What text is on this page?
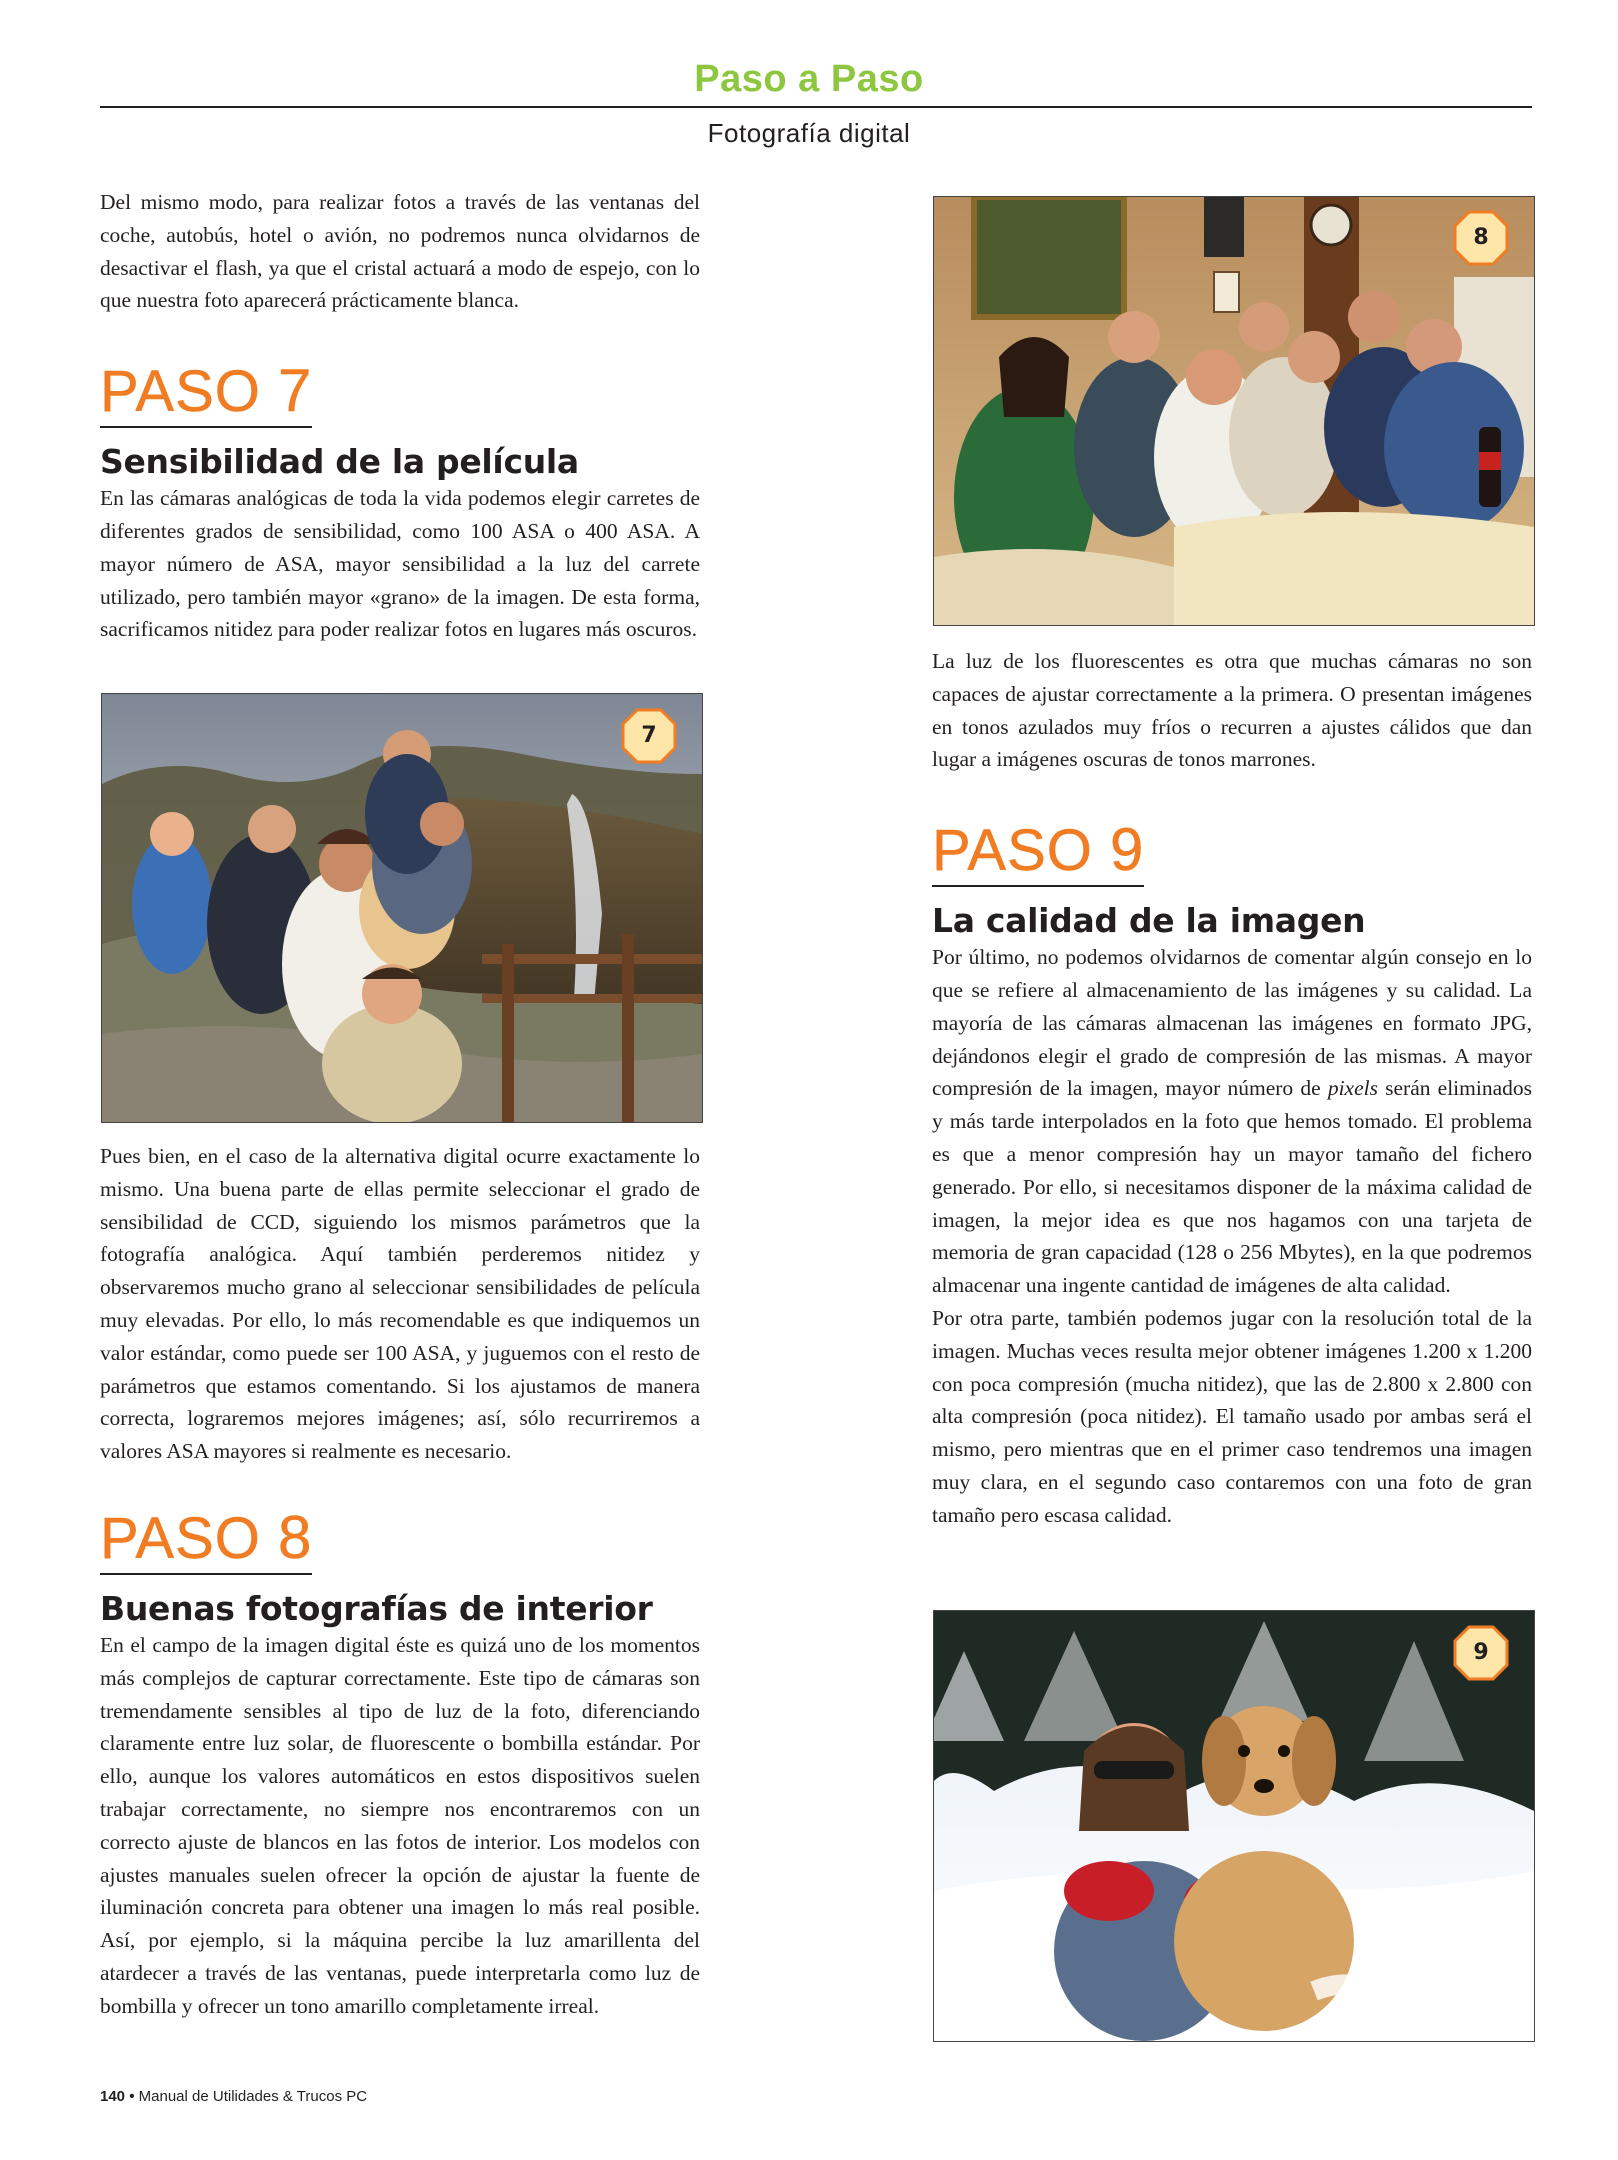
Paso a Paso
Fotografía digital

Del mismo modo, para realizar fotos a través de las ventanas del coche, autobús, hotel o avión, no podremos nunca olvidarnos de desactivar el flash, ya que el cristal actuará a modo de espejo, con lo que nuestra foto aparecerá prácticamente blanca.

PASO 7
Sensibilidad de la película

En las cámaras analógicas de toda la vida podemos elegir carretes de diferentes grados de sensibilidad, como 100 ASA o 400 ASA. A mayor número de ASA, mayor sensibilidad a la luz del carrete utilizado, pero también mayor «grano» de la imagen. De esta forma, sacrificamos nitidez para poder realizar fotos en lugares más oscuros.

7

Pues bien, en el caso de la alternativa digital ocurre exactamente lo mismo. Una buena parte de ellas permite seleccionar el grado de sensibilidad de CCD, siguiendo los mismos parámetros que la fotografía analógica. Aquí también perderemos nitidez y observaremos mucho grano al seleccionar sensibilidades de película muy elevadas. Por ello, lo más recomendable es que indiquemos un valor estándar, como puede ser 100 ASA, y juguemos con el resto de parámetros que estamos comentando. Si los ajustamos de manera correcta, lograremos mejores imágenes; así, sólo recurriremos a valores ASA mayores si realmente es necesario.

PASO 8
Buenas fotografías de interior

En el campo de la imagen digital éste es quizá uno de los momentos más complejos de capturar correctamente. Este tipo de cámaras son tremendamente sensibles al tipo de luz de la foto, diferenciando claramente entre luz solar, de fluorescente o bombilla estándar. Por ello, aunque los valores automáticos en estos dispositivos suelen trabajar correctamente, no siempre nos encontraremos con un correcto ajuste de blancos en las fotos de interior. Los modelos con ajustes manuales suelen ofrecer la opción de ajustar la fuente de iluminación concreta para obtener una imagen lo más real posible. Así, por ejemplo, si la máquina percibe la luz amarillenta del atardecer a través de las ventanas, puede interpretarla como luz de bombilla y ofrecer un tono amarillo completamente irreal.

8

La luz de los fluorescentes es otra que muchas cámaras no son capaces de ajustar correctamente a la primera. O presentan imágenes en tonos azulados muy fríos o recurren a ajustes cálidos que dan lugar a imágenes oscuras de tonos marrones.

PASO 9
La calidad de la imagen

Por último, no podemos olvidarnos de comentar algún consejo en lo que se refiere al almacenamiento de las imágenes y su calidad. La mayoría de las cámaras almacenan las imágenes en formato JPG, dejándonos elegir el grado de compresión de las mismas. A mayor compresión de la imagen, mayor número de pixels serán eliminados y más tarde interpolados en la foto que hemos tomado. El problema es que a menor compresión hay un mayor tamaño del fichero generado. Por ello, si necesitamos disponer de la máxima calidad de imagen, la mejor idea es que nos hagamos con una tarjeta de memoria de gran capacidad (128 o 256 Mbytes), en la que podremos almacenar una ingente cantidad de imágenes de alta calidad.

Por otra parte, también podemos jugar con la resolución total de la imagen. Muchas veces resulta mejor obtener imágenes 1.200 x 1.200 con poca compresión (mucha nitidez), que las de 2.800 x 2.800 con alta compresión (poca nitidez). El tamaño usado por ambas será el mismo, pero mientras que en el primer caso tendremos una imagen muy clara, en el segundo caso contaremos con una foto de gran tamaño pero escasa calidad.

9
140 • Manual de Utilidades & Trucos PC
